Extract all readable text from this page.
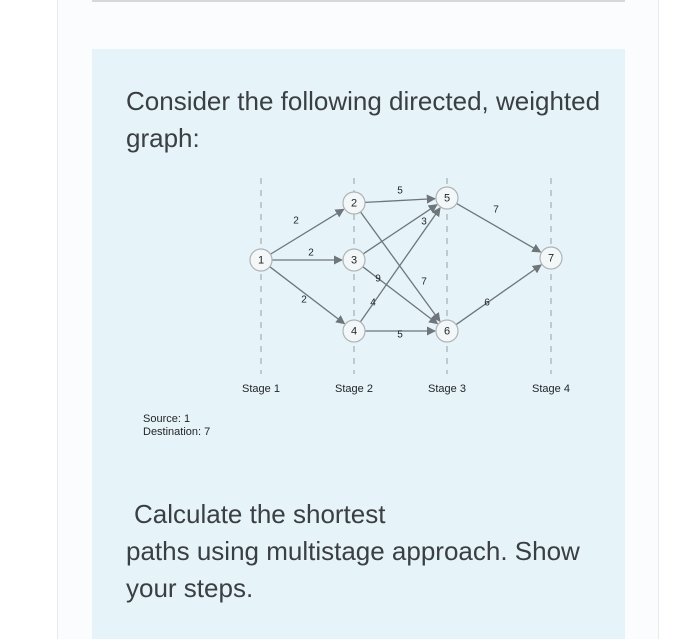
Consider the following directed, weighted graph:

2
2
2
5
7
3
9
4
5
7
6
1
2
3
4
5
6
7
Stage 1	Stage 2	Stage 3	Stage 4
Source: 1
Destination: 7

Calculate the shortest

paths using multistage approach. Show your steps.
